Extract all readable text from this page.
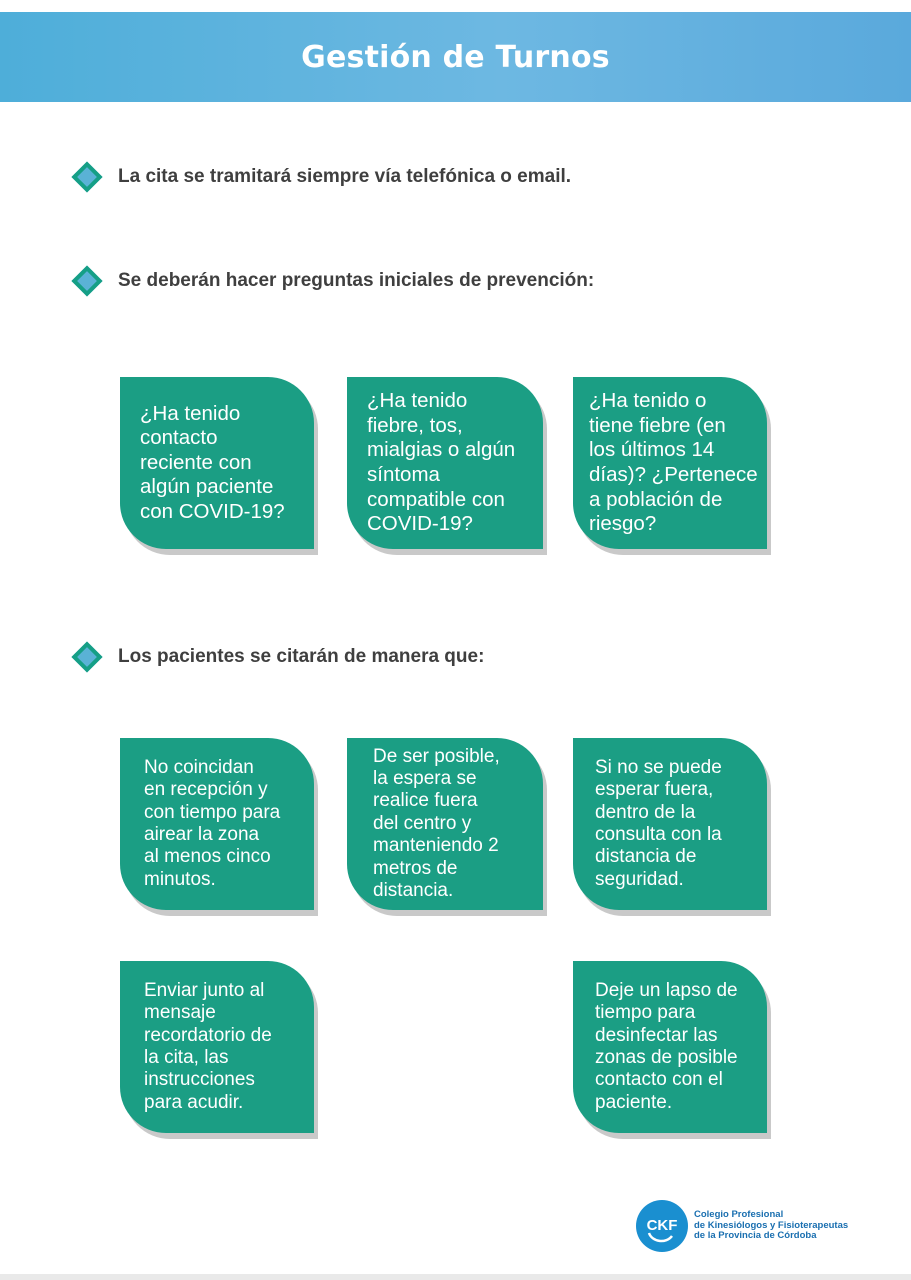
Gestión de Turnos
La cita se tramitará siempre vía telefónica o email.
Se deberán hacer preguntas iniciales de prevención:
¿Ha tenido
contacto
reciente con
algún paciente
con COVID-19?
¿Ha tenido
fiebre, tos,
mialgias o algún
síntoma
compatible con
COVID-19?
¿Ha tenido o
tiene fiebre (en
los últimos 14
días)? ¿Pertenece
a población de
riesgo?
Los pacientes se citarán de manera que:
No coincidan
en recepción y
con tiempo para
airear la zona
al menos cinco
minutos.
De ser posible,
la espera se
realice fuera
del centro y
manteniendo 2
metros de
distancia.
Si no se puede
esperar fuera,
dentro de la
consulta con la
distancia de
seguridad.
Enviar junto al
mensaje
recordatorio de
la cita, las
instrucciones
para acudir.
Deje un lapso de
tiempo para
desinfectar las
zonas de posible
contacto con el
paciente.
CKF
Colegio Profesional
de Kinesiólogos y Fisioterapeutas
de la Provincia de Córdoba
